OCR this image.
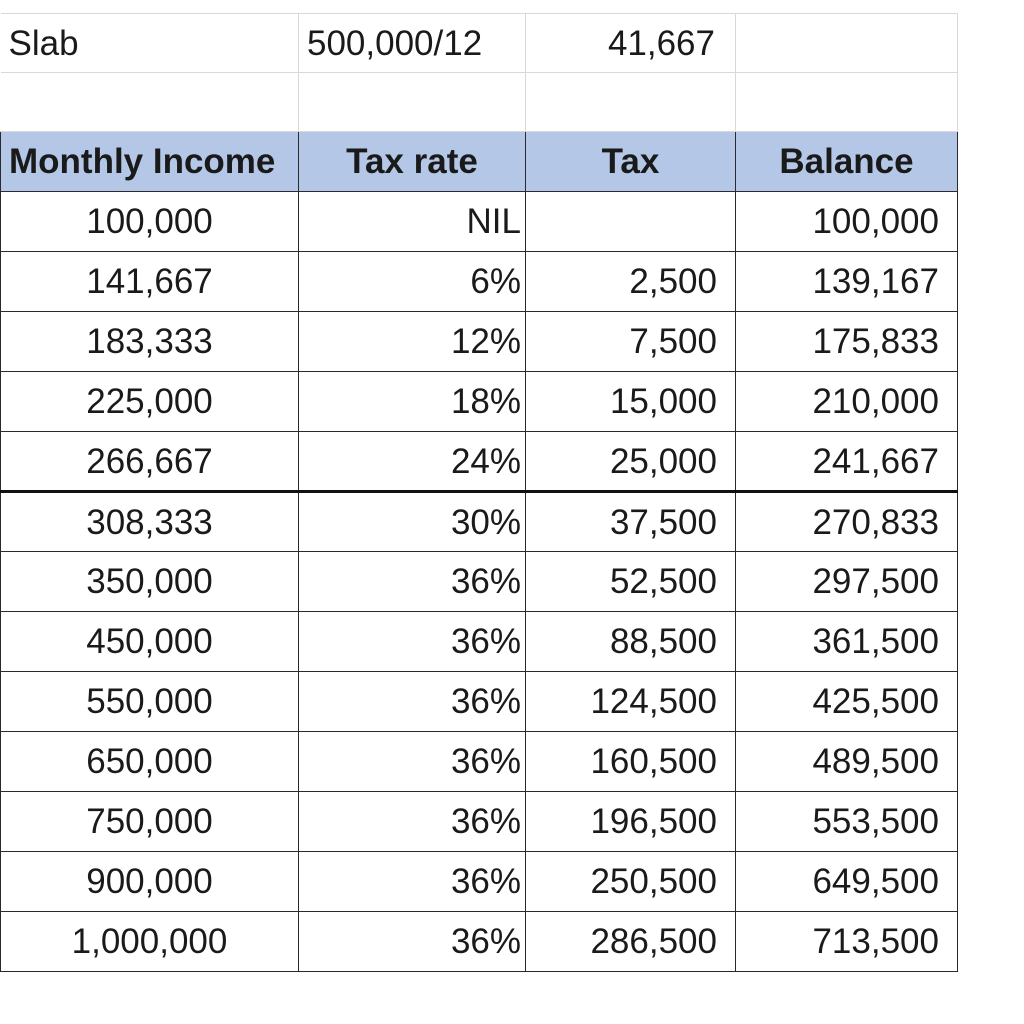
Slab	500,000/12	41,667	

Monthly Income	Tax rate	Tax	Balance
100,000	NIL		100,000
141,667	6%	2,500	139,167
183,333	12%	7,500	175,833
225,000	18%	15,000	210,000
266,667	24%	25,000	241,667
308,333	30%	37,500	270,833
350,000	36%	52,500	297,500
450,000	36%	88,500	361,500
550,000	36%	124,500	425,500
650,000	36%	160,500	489,500
750,000	36%	196,500	553,500
900,000	36%	250,500	649,500
1,000,000	36%	286,500	713,500
